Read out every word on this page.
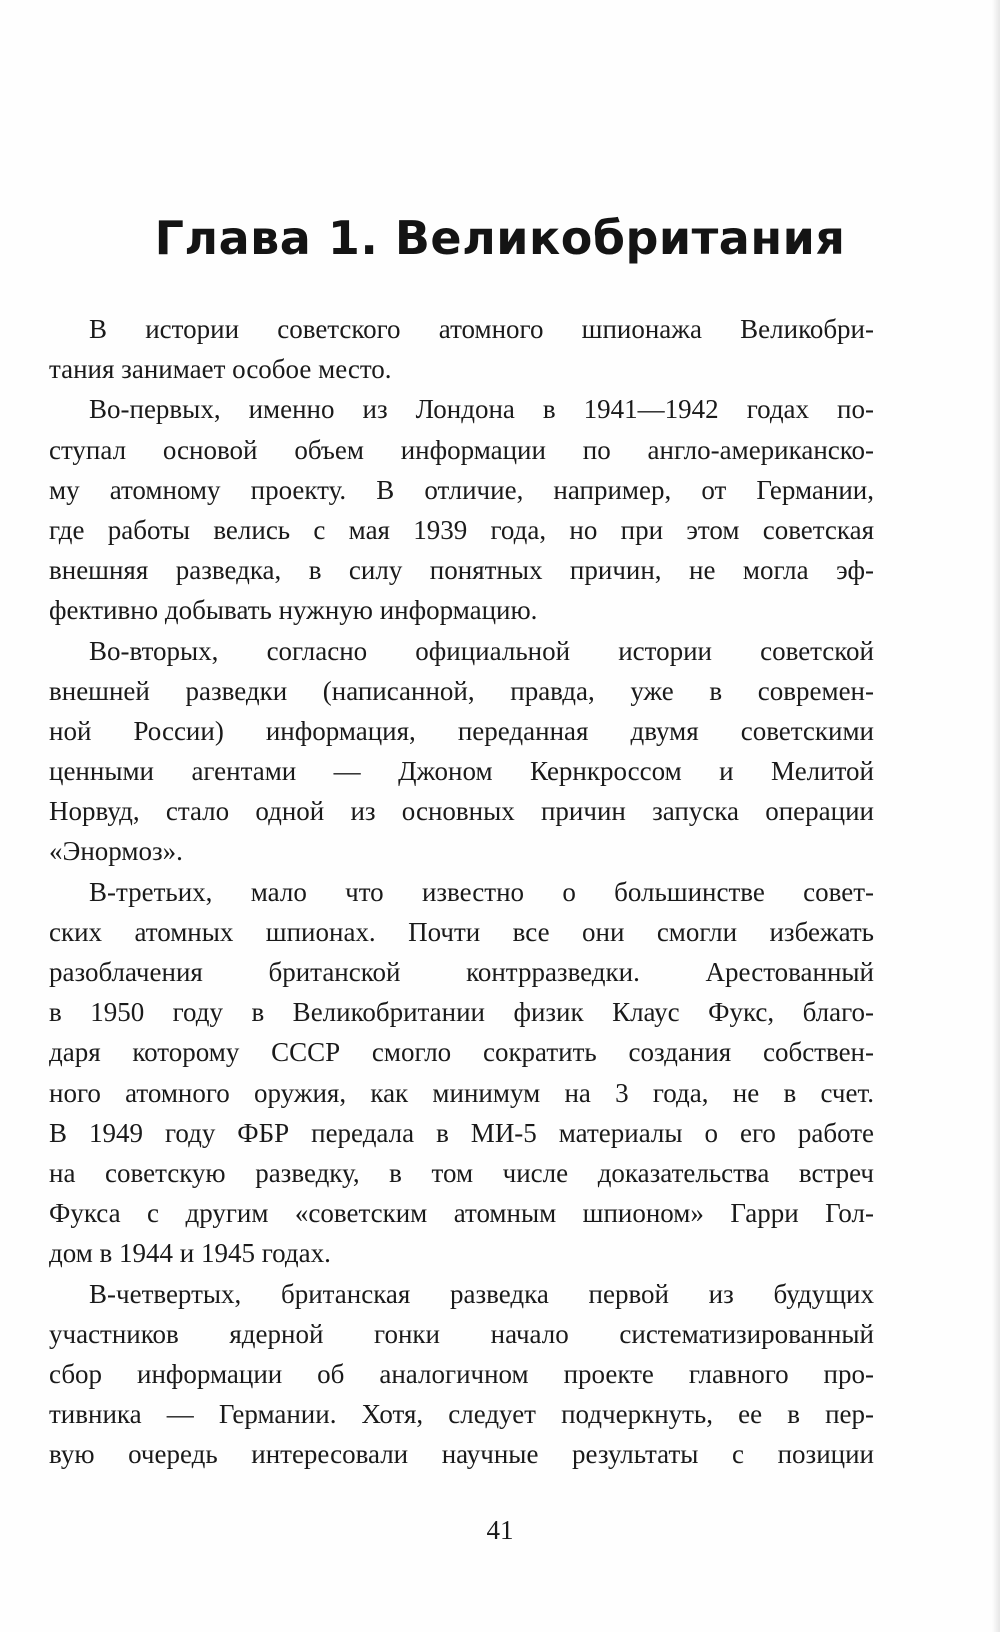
Глава 1. Великобритания
В истории советского атомного шпионажа Великобри-
тания занимает особое место.
Во-первых, именно из Лондона в 1941—1942 годах по-
ступал основой объем информации по англо-американско-
му атомному проекту. В отличие, например, от Германии,
где работы велись с мая 1939 года, но при этом советская
внешняя разведка, в силу понятных причин, не могла эф-
фективно добывать нужную информацию.
Во-вторых, согласно официальной истории советской
внешней разведки (написанной, правда, уже в современ-
ной России) информация, переданная двумя советскими
ценными агентами — Джоном Кернкроссом и Мелитой
Норвуд, стало одной из основных причин запуска операции
«Энормоз».
В-третьих, мало что известно о большинстве совет-
ских атомных шпионах. Почти все они смогли избежать
разоблачения британской контрразведки. Арестованный
в 1950 году в Великобритании физик Клаус Фукс, благо-
даря которому СССР смогло сократить создания собствен-
ного атомного оружия, как минимум на 3 года, не в счет.
В 1949 году ФБР передала в МИ-5 материалы о его работе
на советскую разведку, в том числе доказательства встреч
Фукса с другим «советским атомным шпионом» Гарри Гол-
дом в 1944 и 1945 годах.
В-четвертых, британская разведка первой из будущих
участников ядерной гонки начало систематизированный
сбор информации об аналогичном проекте главного про-
тивника — Германии. Хотя, следует подчеркнуть, ее в пер-
вую очередь интересовали научные результаты с позиции
41
